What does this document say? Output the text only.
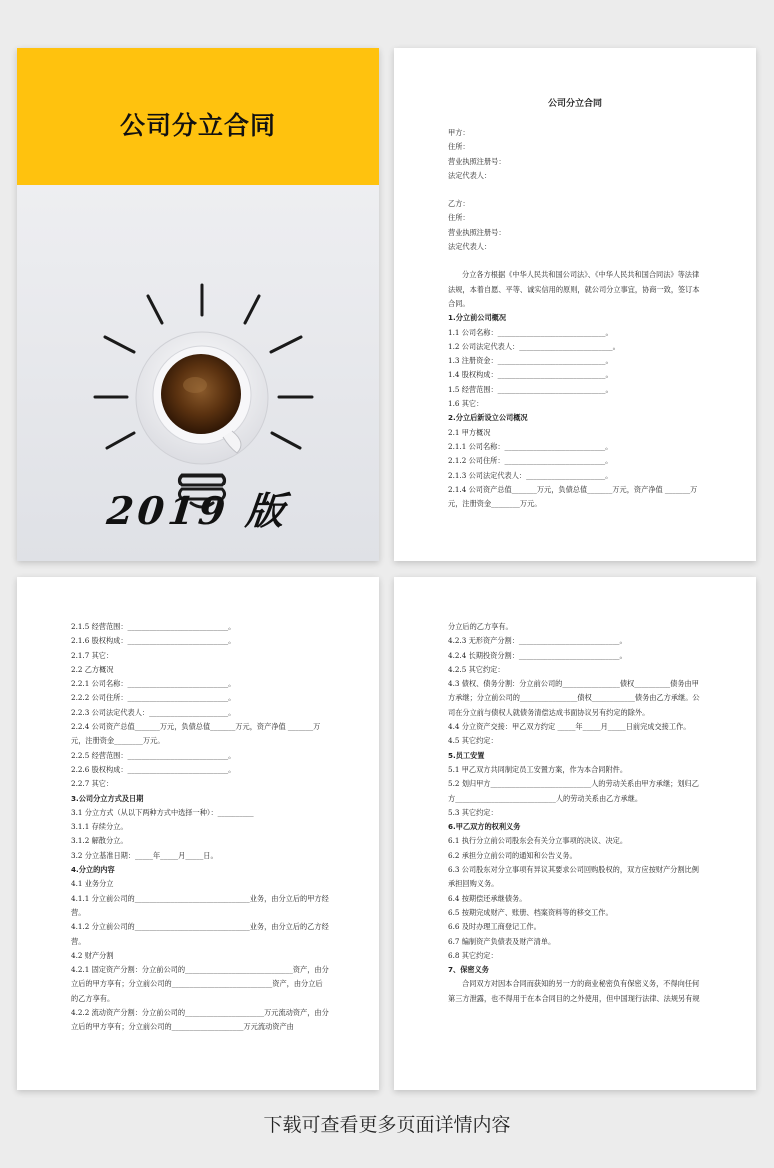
公司分立合同
2019 版
公司分立合同
甲方：
住所：
营业执照注册号：
法定代表人：
乙方：
住所：
营业执照注册号：
法定代表人：
分立各方根据《中华人民共和国公司法》、《中华人民共和国合同法》等法律法规，本着自愿、平等、诚实信用的原则，就公司分立事宜，协商一致，签订本合同。
1.分立前公司概况
1.1 公司名称：______________________________。
1.2 公司法定代表人：__________________________。
1.3 注册资金：______________________________。
1.4 股权构成：______________________________。
1.5 经营范围：______________________________。
1.6 其它：
2.分立后新设立公司概况
2.1 甲方概况
2.1.1 公司名称：____________________________。
2.1.2 公司住所：____________________________。
2.1.3 公司法定代表人：______________________。
2.1.4 公司资产总值_______万元，负债总值_______万元，资产净值 _______万元，注册资金________万元。
2.1.5 经营范围：____________________________。
2.1.6 股权构成：____________________________。
2.1.7 其它：
2.2 乙方概况
2.2.1 公司名称：____________________________。
2.2.2 公司住所：____________________________。
2.2.3 公司法定代表人：______________________。
2.2.4 公司资产总值_______万元，负债总值_______万元，资产净值 _______万元，注册资金________万元。
2.2.5 经营范围：____________________________。
2.2.6 股权构成：____________________________。
2.2.7 其它：
3.公司分立方式及日期
3.1 分立方式（从以下两种方式中选择一种）：__________
3.1.1 存续分立。
3.1.2 解散分立。
3.2 分立基准日期：_____年_____月_____日。
4.分立的内容
4.1 业务分立
4.1.1 分立前公司的________________________________业务，由分立后的甲方经营。
4.1.2 分立前公司的________________________________业务，由分立后的乙方经营。
4.2 财产分割
4.2.1 固定资产分割：分立前公司的______________________________资产，由分立后的甲方享有；分立前公司的____________________________资产，由分立后的乙方享有。
4.2.2 流动资产分割：分立前公司的______________________万元流动资产，由分立后的甲方享有；分立前公司的____________________万元流动资产由
分立后的乙方享有。
4.2.3 无形资产分割：____________________________。
4.2.4 长期投资分割：____________________________。
4.2.5 其它约定：
4.3 债权、债务分割：分立前公司的________________债权__________债务由甲方承继；分立前公司的________________债权____________债务由乙方承继。公司在分立前与债权人就债务清偿达成书面协议另有约定的除外。
4.4 分立资产交接：甲乙双方约定 _____年_____月_____日前完成交接工作。
4.5 其它约定：
5.员工安置
5.1 甲乙双方共同制定员工安置方案，作为本合同附件。
5.2 划归甲方____________________________人的劳动关系由甲方承继；划归乙方____________________________人的劳动关系由乙方承继。
5.3 其它约定：
6.甲乙双方的权利义务
6.1 执行分立前公司股东会有关分立事项的决议、决定。
6.2 承担分立前公司的通知和公告义务。
6.3 公司股东对分立事项有异议其要求公司回购股权的，双方应按财产分割比例承担回购义务。
6.4 按期偿还承继债务。
6.5 按期完成财产、账册、档案资料等的移交工作。
6.6 及时办理工商登记工作。
6.7 编制资产负债表及财产清单。
6.8 其它约定：
7、保密义务
合同双方对因本合同而获知的另一方的商业秘密负有保密义务，不得向任何第三方泄露，也不得用于在本合同目的之外使用，但中国现行法律、法规另有规
下载可查看更多页面详情内容
